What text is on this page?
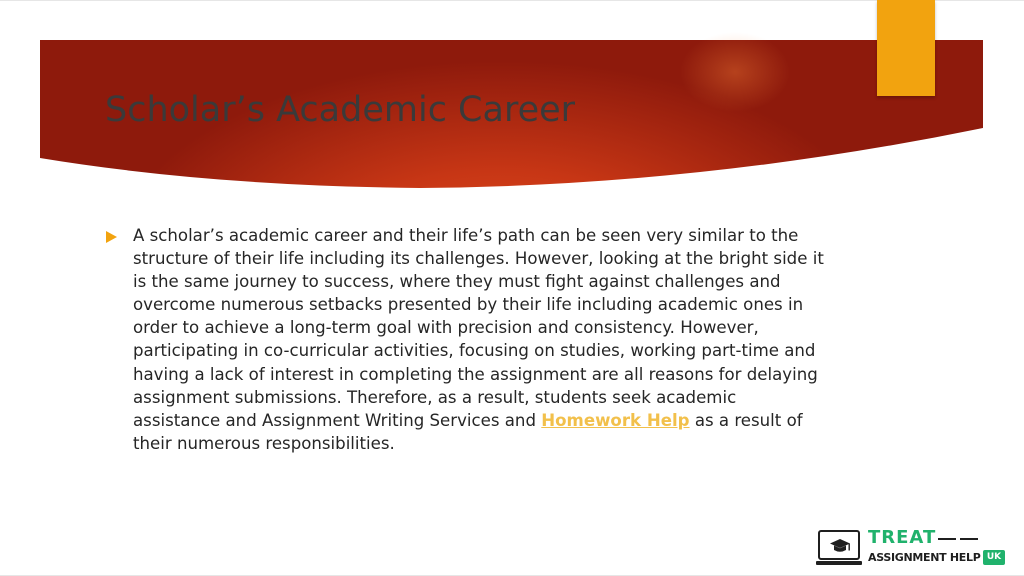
Scholar’s Academic Career

A scholar’s academic career and their life’s path can be seen very similar to the structure of their life including its challenges. However, looking at the bright side it is the same journey to success, where they must fight against challenges and overcome numerous setbacks presented by their life including academic ones in order to achieve a long-term goal with precision and consistency. However, participating in co-curricular activities, focusing on studies, working part-time and having a lack of interest in completing the assignment are all reasons for delaying assignment submissions. Therefore, as a result, students seek academic assistance and Assignment Writing Services and Homework Help as a result of their numerous responsibilities.

TREAT
ASSIGNMENT HELP UK
